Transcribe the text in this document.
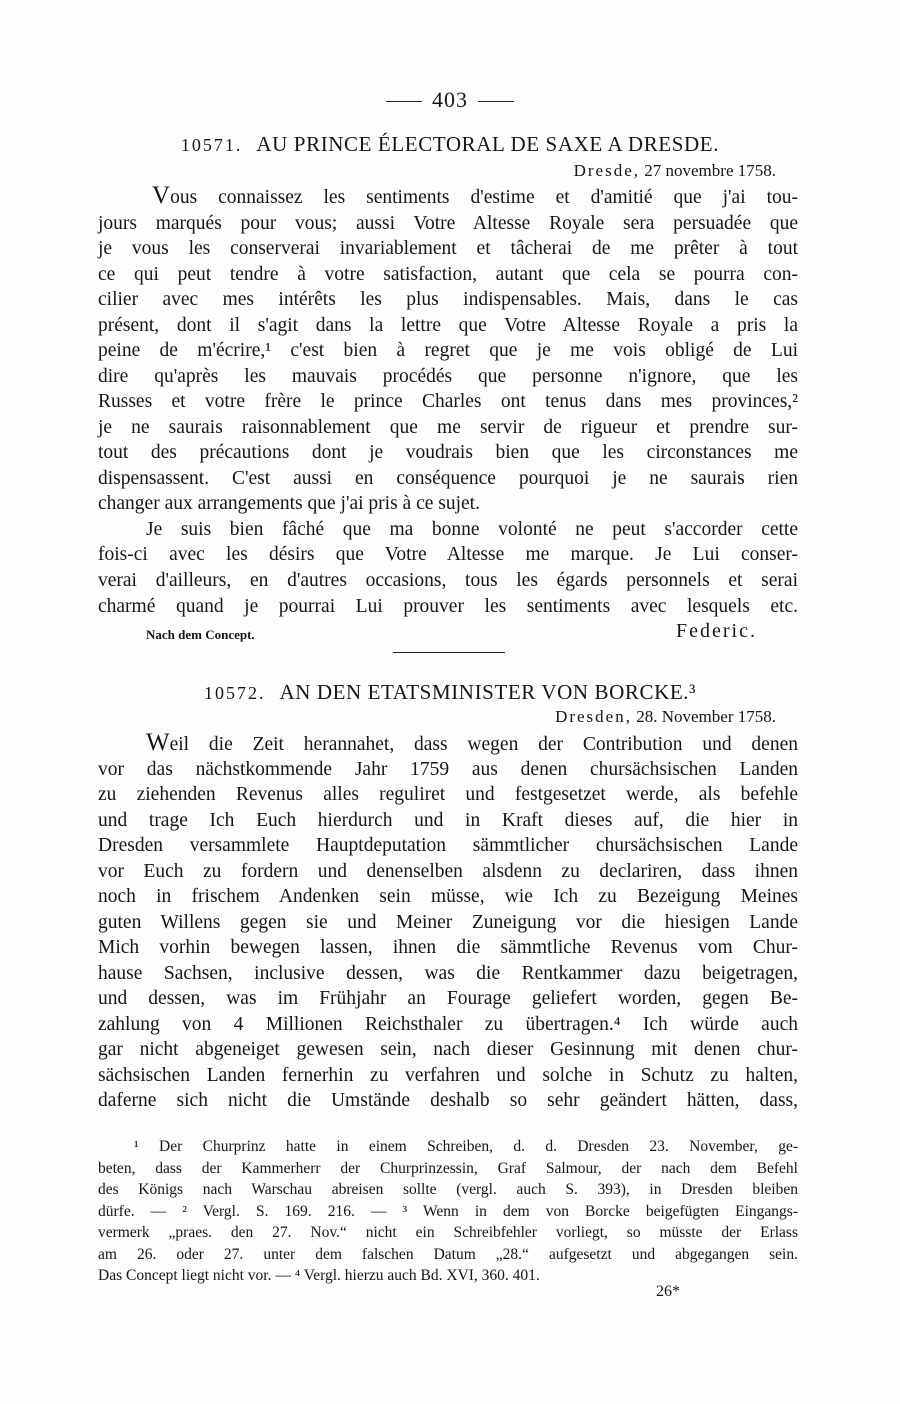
403
10571. AU PRINCE ÉLECTORAL DE SAXE A DRESDE.
Dresde, 27 novembre 1758.
Vous connaissez les sentiments d'estime et d'amitié que j'ai tou-
jours marqués pour vous; aussi Votre Altesse Royale sera persuadée que
je vous les conserverai invariablement et tâcherai de me prêter à tout
ce qui peut tendre à votre satisfaction, autant que cela se pourra con-
cilier avec mes intérêts les plus indispensables. Mais, dans le cas
présent, dont il s'agit dans la lettre que Votre Altesse Royale a pris la
peine de m'écrire,¹ c'est bien à regret que je me vois obligé de Lui
dire qu'après les mauvais procédés que personne n'ignore, que les
Russes et votre frère le prince Charles ont tenus dans mes provinces,²
je ne saurais raisonnablement que me servir de rigueur et prendre sur-
tout des précautions dont je voudrais bien que les circonstances me
dispensassent. C'est aussi en conséquence pourquoi je ne saurais rien
changer aux arrangements que j'ai pris à ce sujet.
Je suis bien fâché que ma bonne volonté ne peut s'accorder cette
fois-ci avec les désirs que Votre Altesse me marque. Je Lui conser-
verai d'ailleurs, en d'autres occasions, tous les égards personnels et serai
charmé quand je pourrai Lui prouver les sentiments avec lesquels etc.
Nach dem Concept.	Federic.
10572. AN DEN ETATSMINISTER VON BORCKE.³
Dresden, 28. November 1758.
Weil die Zeit herannahet, dass wegen der Contribution und denen
vor das nächstkommende Jahr 1759 aus denen chursächsischen Landen
zu ziehenden Revenus alles reguliret und festgesetzet werde, als befehle
und trage Ich Euch hierdurch und in Kraft dieses auf, die hier in
Dresden versammlete Hauptdeputation sämmtlicher chursächsischen Lande
vor Euch zu fordern und denenselben alsdenn zu declariren, dass ihnen
noch in frischem Andenken sein müsse, wie Ich zu Bezeigung Meines
guten Willens gegen sie und Meiner Zuneigung vor die hiesigen Lande
Mich vorhin bewegen lassen, ihnen die sämmtliche Revenus vom Chur-
hause Sachsen, inclusive dessen, was die Rentkammer dazu beigetragen,
und dessen, was im Frühjahr an Fourage geliefert worden, gegen Be-
zahlung von 4 Millionen Reichsthaler zu übertragen.⁴ Ich würde auch
gar nicht abgeneiget gewesen sein, nach dieser Gesinnung mit denen chur-
sächsischen Landen fernerhin zu verfahren und solche in Schutz zu halten,
daferne sich nicht die Umstände deshalb so sehr geändert hätten, dass,
¹ Der Churprinz hatte in einem Schreiben, d. d. Dresden 23. November, ge-
beten, dass der Kammerherr der Churprinzessin, Graf Salmour, der nach dem Befehl
des Königs nach Warschau abreisen sollte (vergl. auch S. 393), in Dresden bleiben
dürfe. — ² Vergl. S. 169. 216. — ³ Wenn in dem von Borcke beigefügten Eingangs-
vermerk „praes. den 27. Nov.“ nicht ein Schreibfehler vorliegt, so müsste der Erlass
am 26. oder 27. unter dem falschen Datum „28.“ aufgesetzt und abgegangen sein.
Das Concept liegt nicht vor. — ⁴ Vergl. hierzu auch Bd. XVI, 360. 401.
26*
